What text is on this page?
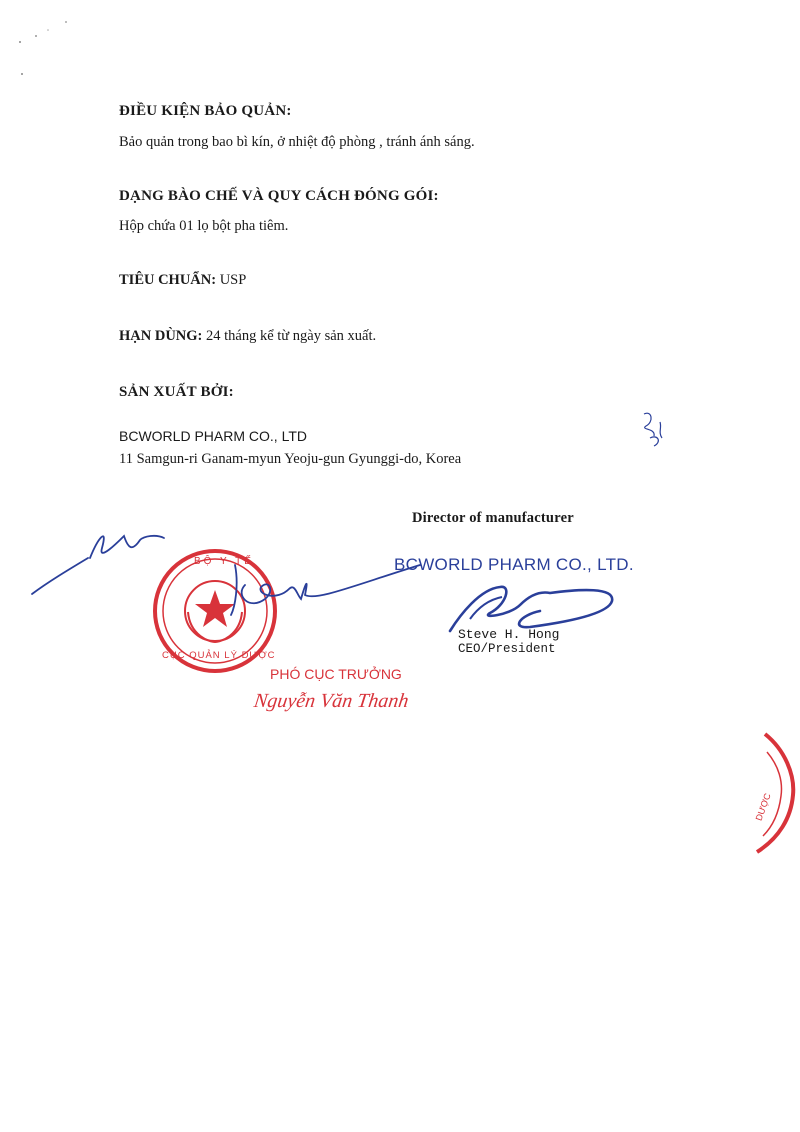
ĐIỀU KIỆN BẢO QUẢN:
Bảo quản trong bao bì kín, ở nhiệt độ phòng , tránh ánh sáng.
DẠNG BÀO CHẾ VÀ QUY CÁCH ĐÓNG GÓI:
Hộp chứa 01 lọ bột pha tiêm.
TIÊU CHUẨN: USP
HẠN DÙNG: 24 tháng kể từ ngày sản xuất.
SẢN XUẤT BỞI:
BCWORLD PHARM CO., LTD
11 Samgun-ri Ganam-myun Yeoju-gun Gyunggi-do, Korea
Director of manufacturer
BCWORLD PHARM CO., LTD.
Steve H. Hong
CEO/President
BỘ Y TẾ
CỤC QUẢN LÝ DƯỢC
PHÓ CỤC TRƯỞNG
Nguyễn Văn Thanh
DƯỢC
